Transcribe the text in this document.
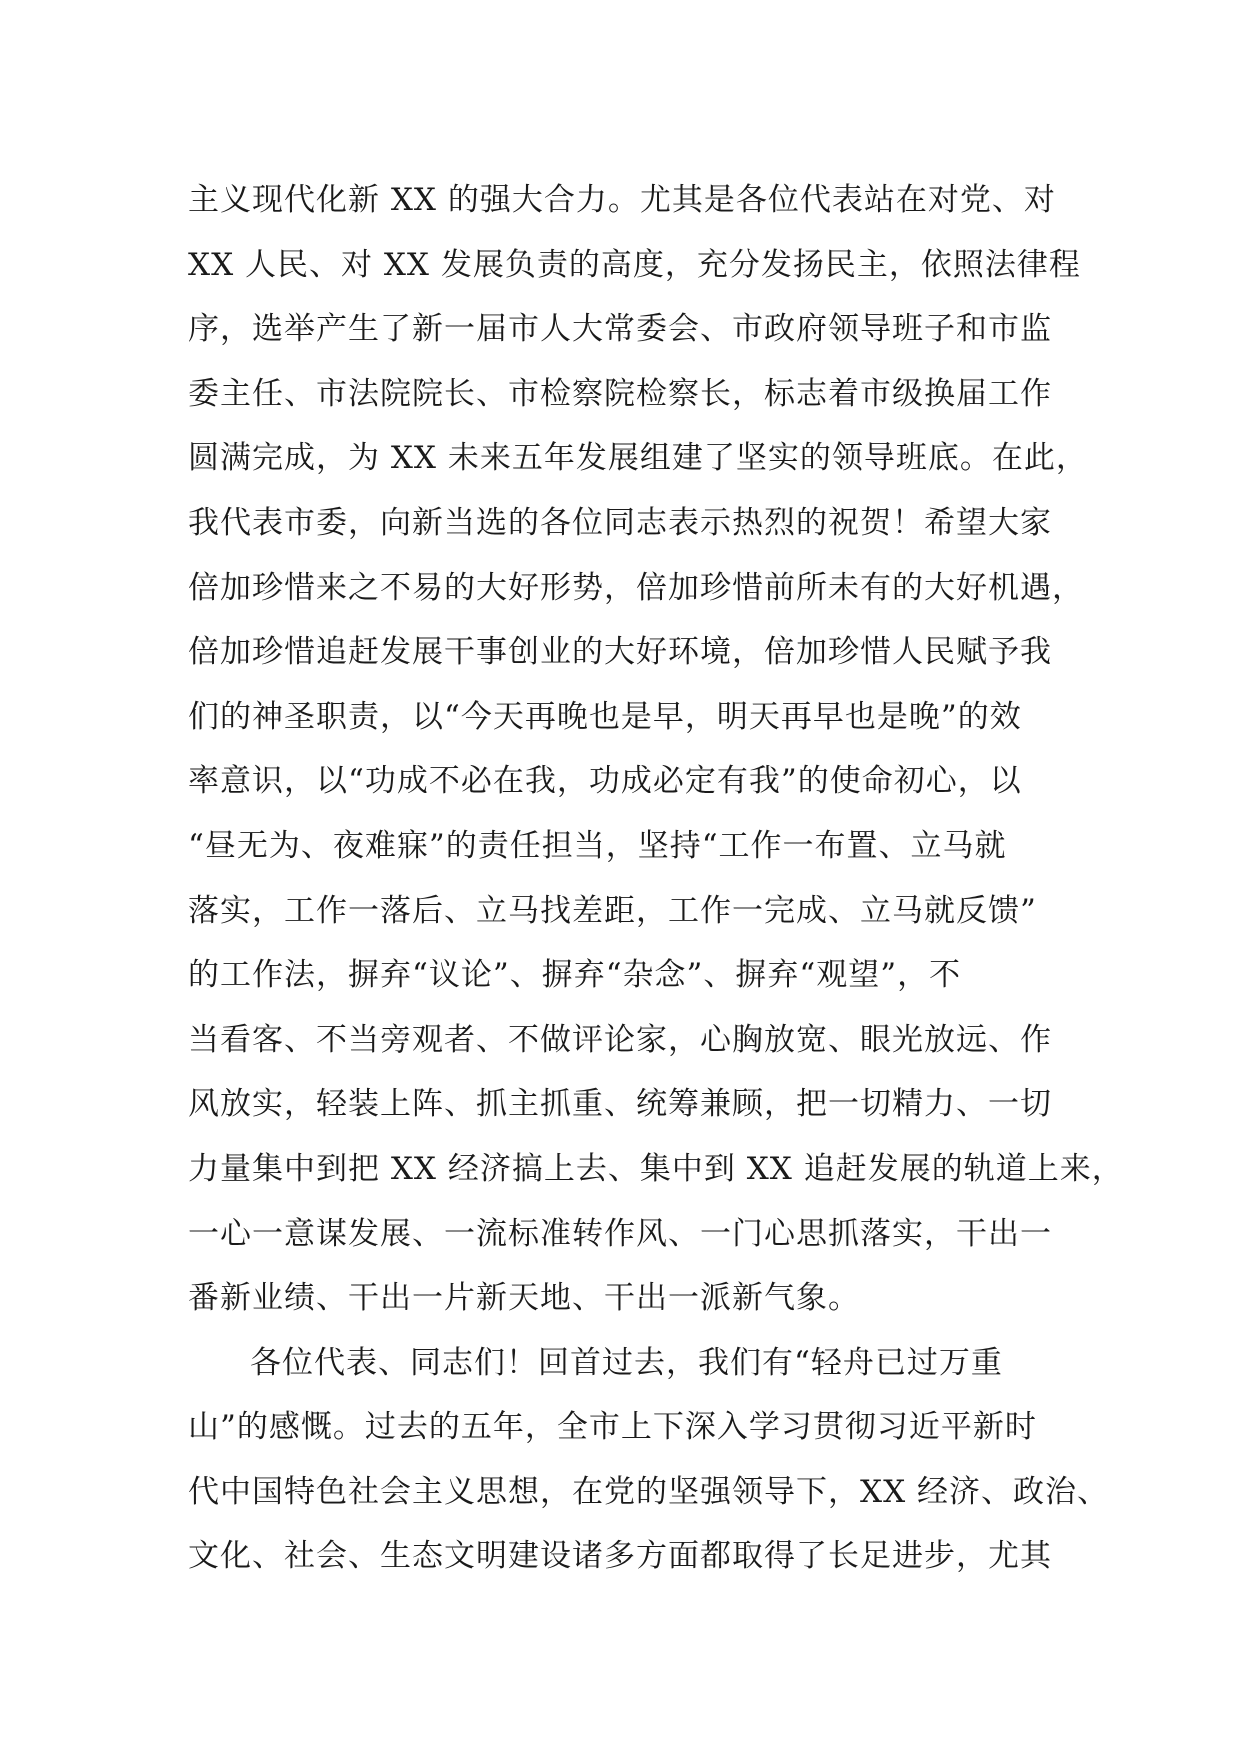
主义现代化新 XX 的强大合力。尤其是各位代表站在对党、对
XX 人民、对 XX 发展负责的高度，充分发扬民主，依照法律程
序，选举产生了新一届市人大常委会、市政府领导班子和市监
委主任、市法院院长、市检察院检察长，标志着市级换届工作
圆满完成，为 XX 未来五年发展组建了坚实的领导班底。在此，
我代表市委，向新当选的各位同志表示热烈的祝贺！希望大家
倍加珍惜来之不易的大好形势，倍加珍惜前所未有的大好机遇，
倍加珍惜追赶发展干事创业的大好环境，倍加珍惜人民赋予我
们的神圣职责，以“今天再晚也是早，明天再早也是晚”的效
率意识，以“功成不必在我，功成必定有我”的使命初心，以
“昼无为、夜难寐”的责任担当，坚持“工作一布置、立马就
落实，工作一落后、立马找差距，工作一完成、立马就反馈”
的工作法，摒弃“议论”、摒弃“杂念”、摒弃“观望”，不
当看客、不当旁观者、不做评论家，心胸放宽、眼光放远、作
风放实，轻装上阵、抓主抓重、统筹兼顾，把一切精力、一切
力量集中到把 XX 经济搞上去、集中到 XX 追赶发展的轨道上来，
一心一意谋发展、一流标准转作风、一门心思抓落实，干出一
番新业绩、干出一片新天地、干出一派新气象。
各位代表、同志们！回首过去，我们有“轻舟已过万重
山”的感慨。过去的五年，全市上下深入学习贯彻习近平新时
代中国特色社会主义思想，在党的坚强领导下，XX 经济、政治、
文化、社会、生态文明建设诸多方面都取得了长足进步，尤其
